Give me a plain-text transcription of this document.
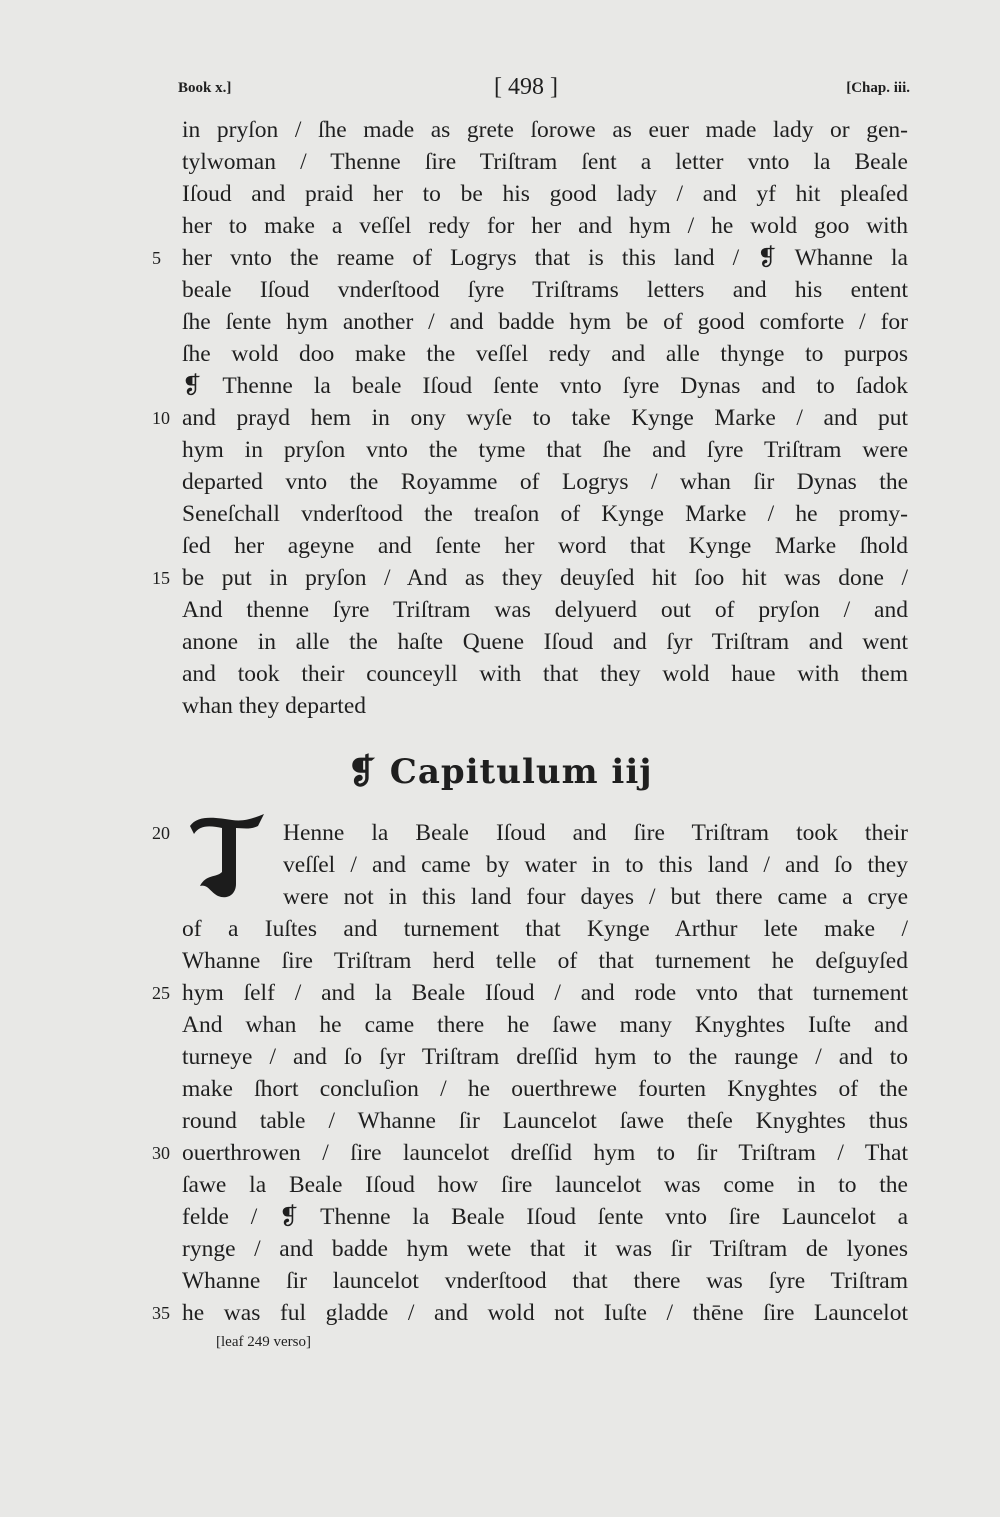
Book x.]	[ 498 ]	[Chap. iii.
in pryſon / ſhe made as grete ſorowe as euer made lady or gen-
tylwoman / Thenne ſire Triſtram ſent a letter vnto la Beale
Iſoud and praid her to be his good lady / and yf hit pleaſed
her to make a veſſel redy for her and hym / he wold goo with
her vnto the reame of Logrys that is this land / ❡ Whanne la
beale Iſoud vnderſtood ſyre Triſtrams letters and his entent
ſhe ſente hym another / and badde hym be of good comforte / for
ſhe wold doo make the veſſel redy and alle thynge to purpos
❡ Thenne la beale Iſoud ſente vnto ſyre Dynas and to ſadok
and prayd hem in ony wyſe to take Kynge Marke / and put
hym in pryſon vnto the tyme that ſhe and ſyre Triſtram were
departed vnto the Royamme of Logrys / whan ſir Dynas the
Seneſchall vnderſtood the treaſon of Kynge Marke / he promy-
ſed her ageyne and ſente her word that Kynge Marke ſhold
be put in pryſon / And as they deuyſed hit ſoo hit was done /
And thenne ſyre Triſtram was delyuerd out of pryſon / and
anone in alle the haſte Quene Iſoud and ſyr Triſtram and went
and took their counceyll with that they wold haue with them
whan they departed
5
10
15
❡ Capitulum iij
Henne la Beale Iſoud and ſire Triſtram took their
veſſel / and came by water in to this land / and ſo they
were not in this land four dayes / but there came a crye
of a Iuſtes and turnement that Kynge Arthur lete make /
Whanne ſire Triſtram herd telle of that turnement he deſguyſed
hym ſelf / and la Beale Iſoud / and rode vnto that turnement
And whan he came there he ſawe many Knyghtes Iuſte and
turneye / and ſo ſyr Triſtram dreſſid hym to the raunge / and to
make ſhort concluſion / he ouerthrewe fourten Knyghtes of the
round table / Whanne ſir Launcelot ſawe theſe Knyghtes thus
ouerthrowen / ſire launcelot dreſſid hym to ſir Triſtram / That
ſawe la Beale Iſoud how ſire launcelot was come in to the
felde / ❡ Thenne la Beale Iſoud ſente vnto ſire Launcelot a
rynge / and badde hym wete that it was ſir Triſtram de lyones
Whanne ſir launcelot vnderſtood that there was ſyre Triſtram
he was ful gladde / and wold not Iuſte / thēne ſire Launcelot
20
25
30
35
[leaf 249 verso]
